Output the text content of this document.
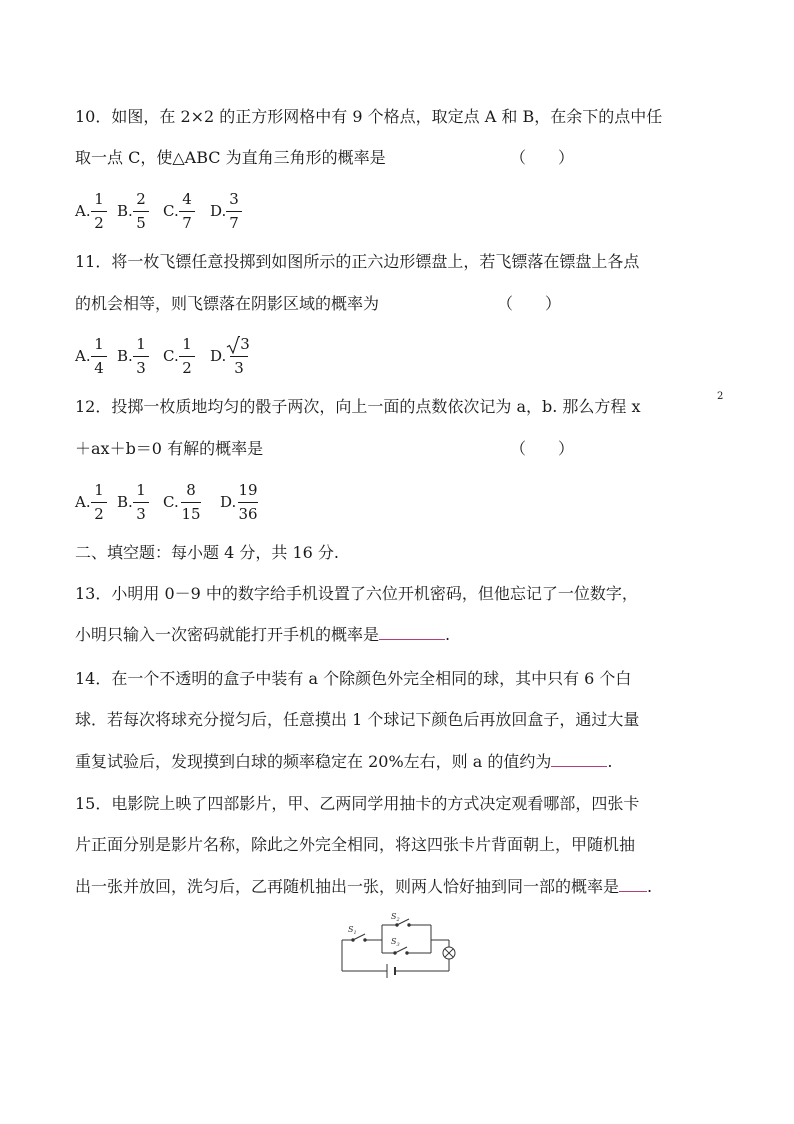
10．如图，在 2×2 的正方形网格中有 9 个格点，取定点 A 和 B，在余下的点中任
取一点 C，使△ABC 为直角三角形的概率是	（　　）
A.
1
2
B.
2
5
C.
4
7
D.
3
7
11．将一枚飞镖任意投掷到如图所示的正六边形镖盘上，若飞镖落在镖盘上各点
的机会相等，则飞镖落在阴影区域的概率为	（　　）
A.
1
4
B.
1
3
C.
1
2
D.
3
3
12．投掷一枚质地均匀的骰子两次，向上一面的点数依次记为 a，b. 那么方程 x
2
＋ax＋b＝0 有解的概率是	（　　）
A.
1
2
B.
1
3
C.
8
15
D.
19
36
二、填空题：每小题 4 分，共 16 分.
13．小明用 0－9 中的数字给手机设置了六位开机密码，但他忘记了一位数字，
小明只输入一次密码就能打开手机的概率是	.
14．在一个不透明的盒子中装有 a 个除颜色外完全相同的球，其中只有 6 个白
球．若每次将球充分搅匀后，任意摸出 1 个球记下颜色后再放回盒子，通过大量
重复试验后，发现摸到白球的频率稳定在 20%左右，则 a 的值约为	.
15．电影院上映了四部影片，甲、乙两同学用抽卡的方式决定观看哪部，四张卡
片正面分别是影片名称，除此之外完全相同，将这四张卡片背面朝上，甲随机抽
出一张并放回，洗匀后，乙再随机抽出一张，则两人恰好抽到同一部的概率是 .
$S_1$
$S_2$
$S_3$
